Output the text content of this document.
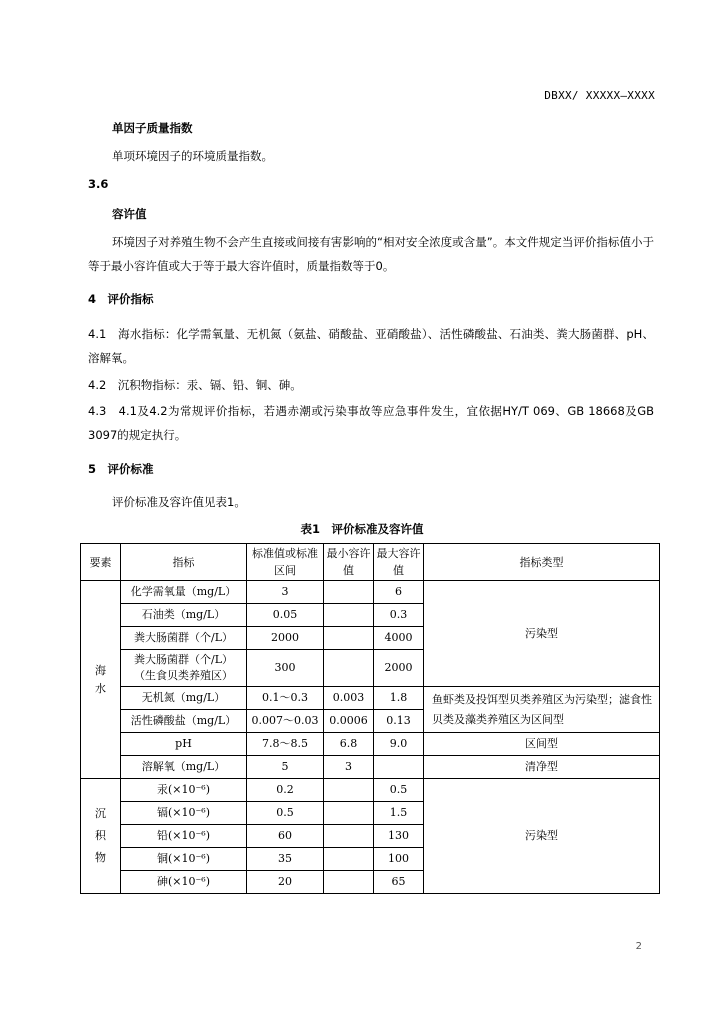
DBXX/ XXXXX—XXXX
单因子质量指数
单项环境因子的环境质量指数。
3.6
容许值
环境因子对养殖生物不会产生直接或间接有害影响的“相对安全浓度或含量”。本文件规定当评价指标值小于等于最小容许值或大于等于最大容许值时，质量指数等于0。
4　评价指标
4.1　海水指标：化学需氧量、无机氮（氨盐、硝酸盐、亚硝酸盐）、活性磷酸盐、石油类、粪大肠菌群、pH、溶解氧。
4.2　沉积物指标：汞、镉、铅、铜、砷。
4.3　4.1及4.2为常规评价指标，若遇赤潮或污染事故等应急事件发生，宜依据HY/T 069、GB 18668及GB 3097的规定执行。
5　评价标准
评价标准及容许值见表1。
表1　评价标准及容许值
要素	指标	标准值或标准区间	最小容许值	最大容许值	指标类型

海水	化学需氧量（mg/L）	3		6	污染型
	石油类（mg/L）	0.05		0.3	
	粪大肠菌群（个/L）	2000		4000	

	粪大肠菌群（个/L）（生食贝类养殖区）	300		2000	
	无机氮（mg/L）	0.1～0.3	0.003	1.8	鱼虾类及投饵型贝类养殖区为污染型；滤食性贝类及藻类养殖区为区间型

	活性磷酸盐（mg/L）	0.007～0.03	0.0006	0.13	
	pH	7.8～8.5	6.8	9.0	区间型
	溶解氧（mg/L）	5	3		清净型

沉积物	汞(×10⁻⁶)	0.2		0.5	污染型
	镉(×10⁻⁶)	0.5		1.5	
	铅(×10⁻⁶)	60		130	
	铜(×10⁻⁶)	35		100	
	砷(×10⁻⁶)	20		65	
2
